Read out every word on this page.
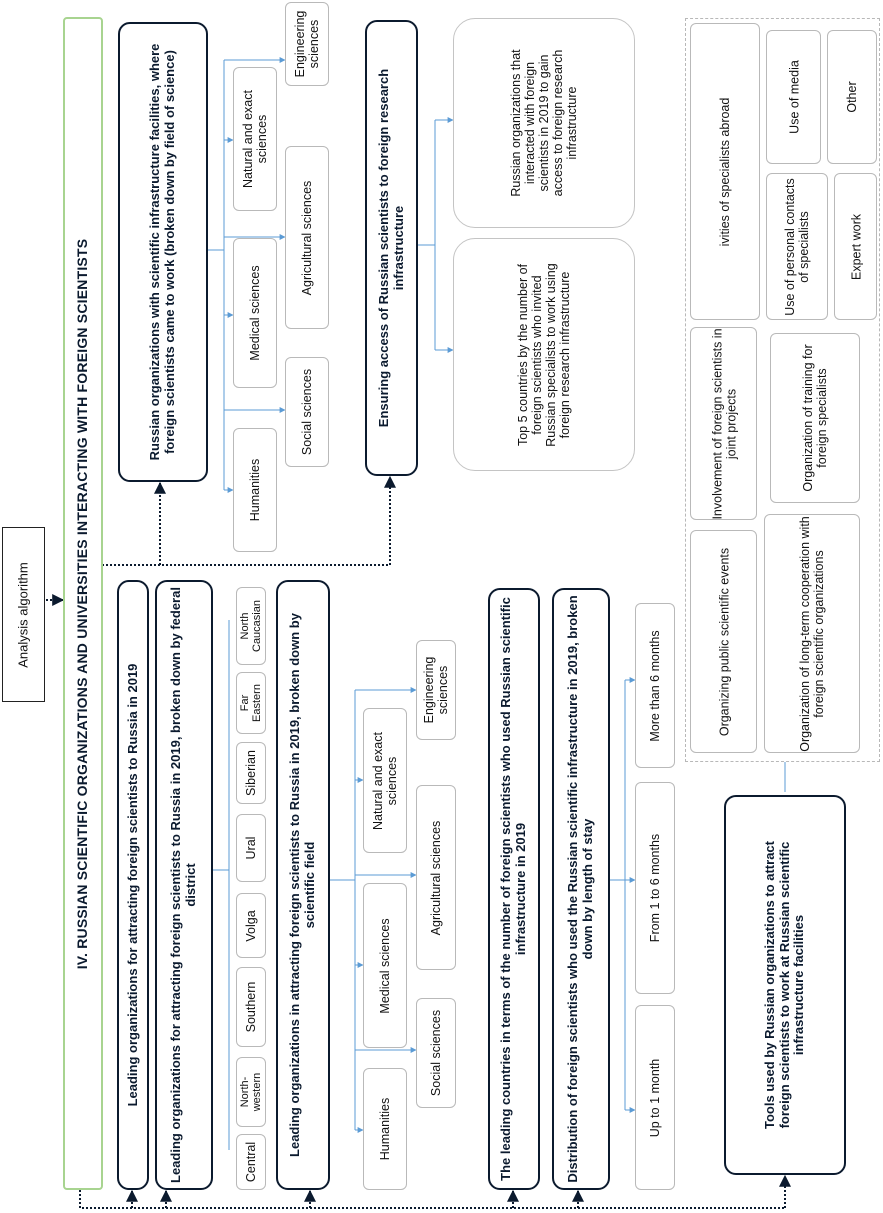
Analysis algorithm	IV. RUSSIAN SCIENTIFIC ORGANIZATIONS AND UNIVERSITIES INTERACTING WITH FOREIGN SCIENTISTS	Russian organizations with scientific infrastructure facilities, where foreign scientists came to work (broken down by field of science)
Humanities
Social sciences
Medical sciences
Agricultural sciences
Natural and exact sciences
Engineering sciences
Ensuring access of Russian scientists to foreign research infrastructure
Top 5 countries by the number of foreign scientists who invited Russian specialists to work using foreign research infrastructure
Russian organizations that interacted with foreign scientists in 2019 to gain access to foreign research infrastructure	ivities of specialists abroad
Use of media	Other
Use of personal contacts of specialists	Expert work
Involvement of foreign scientists in joint projects	Organization of training for foreign specialists
Organizing public scientific events	Organization of long-term cooperation with foreign scientific organizations
Leading organizations for attracting foreign scientists to Russia in 2019	Leading organizations for attracting foreign scientists to Russia in 2019, broken down by federal district
Central
North-western
Southern
Volga
Ural
Siberian
Far Eastern
North Caucasian	Leading organizations in attracting foreign scientists to Russia in 2019, broken down by scientific field
Humanities
Social sciences
Medical sciences
Agricultural sciences
Natural and exact sciences
Engineering sciences	The leading countries in terms of the number of foreign scientists who used Russian scientific infrastructure in 2019	Distribution of foreign scientists who used the Russian scientific infrastructure in 2019, broken down by length of stay
Up to 1 month
From 1 to 6 months
More than 6 months
Tools used by Russian organizations to attract foreign scientists to work at Russian scientific infrastructure facilities
